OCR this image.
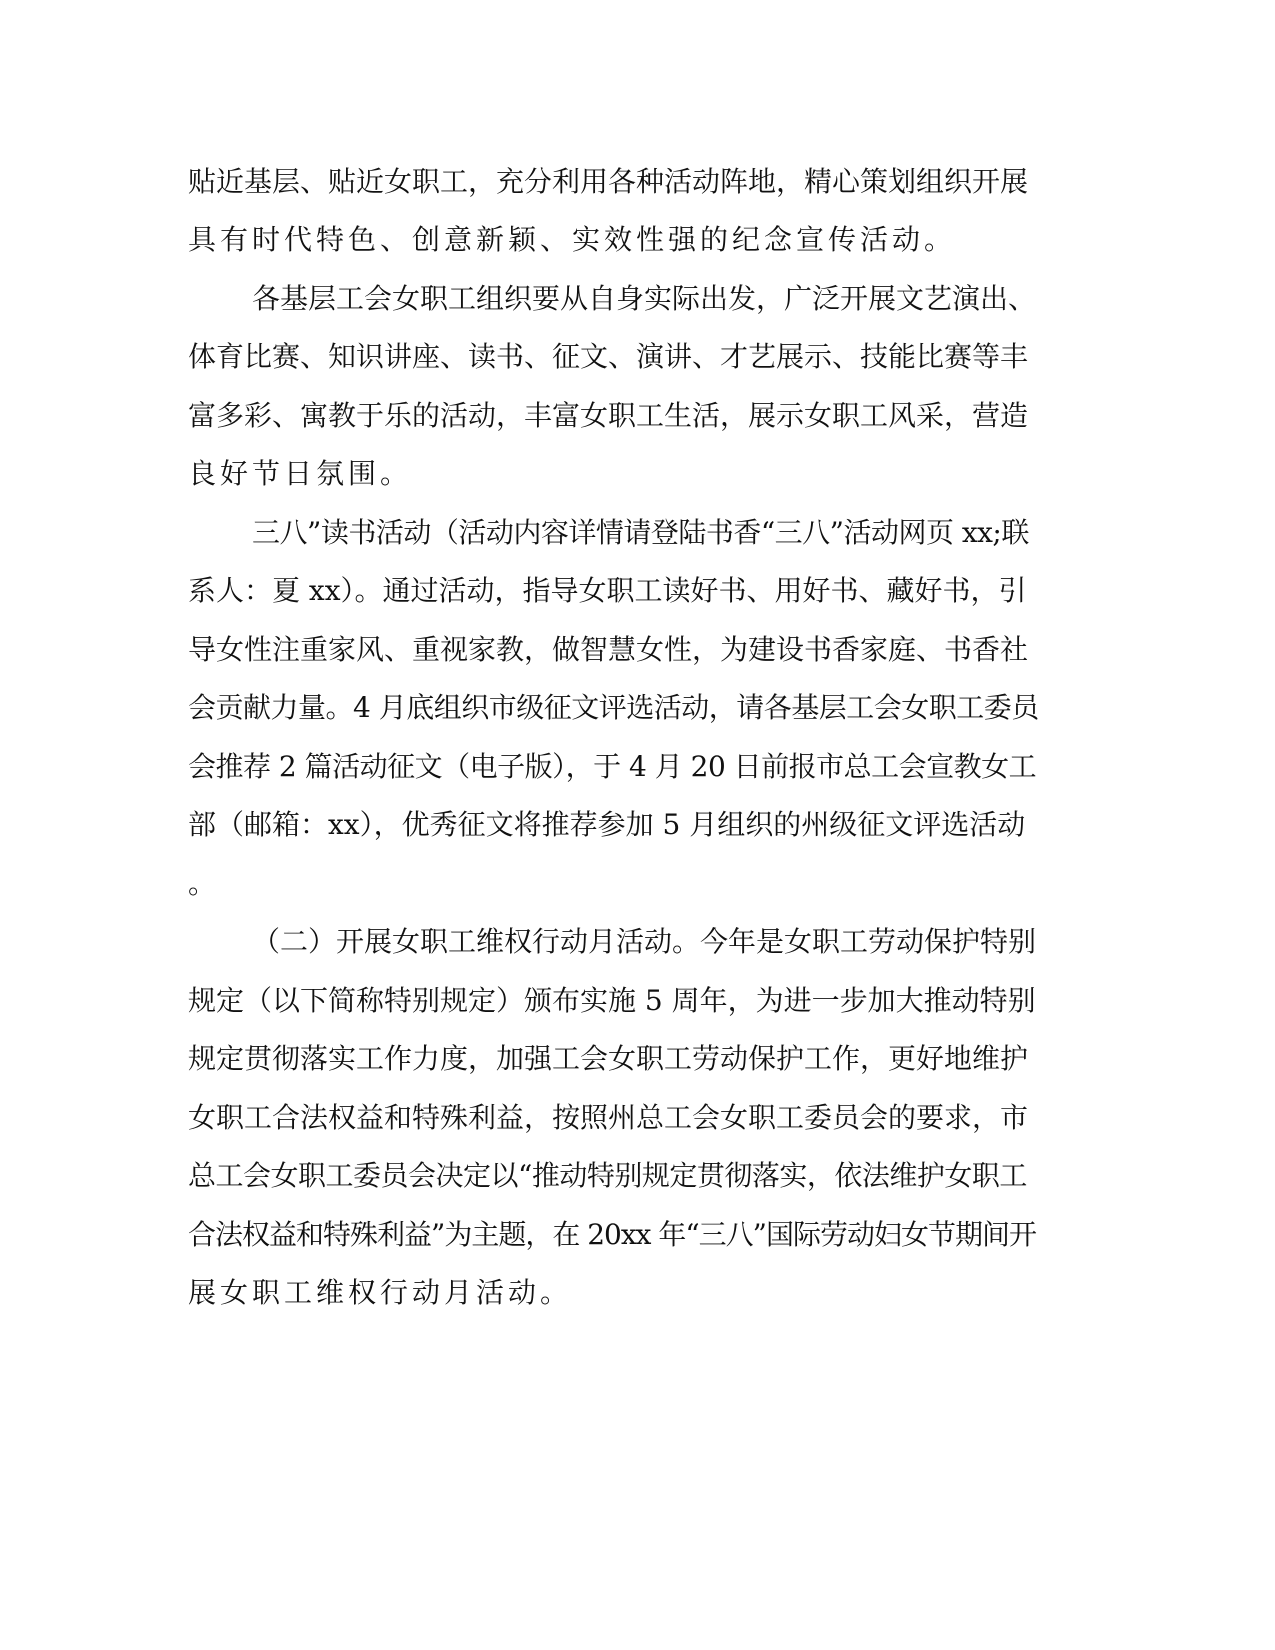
贴近基层、贴近女职工，充分利用各种活动阵地，精心策划组织开展
具有时代特色、创意新颖、实效性强的纪念宣传活动。
各基层工会女职工组织要从自身实际出发，广泛开展文艺演出、
体育比赛、知识讲座、读书、征文、演讲、才艺展示、技能比赛等丰
富多彩、寓教于乐的活动，丰富女职工生活，展示女职工风采，营造
良好节日氛围。
三八”读书活动（活动内容详情请登陆书香“三八”活动网页 xx;联
系人：夏 xx）。通过活动，指导女职工读好书、用好书、藏好书，引
导女性注重家风、重视家教，做智慧女性，为建设书香家庭、书香社
会贡献力量。4 月底组织市级征文评选活动，请各基层工会女职工委员
会推荐 2 篇活动征文（电子版），于 4 月 20 日前报市总工会宣教女工
部（邮箱：xx），优秀征文将推荐参加 5 月组织的州级征文评选活动
。
（二）开展女职工维权行动月活动。今年是女职工劳动保护特别
规定（以下简称特别规定）颁布实施 5 周年，为进一步加大推动特别
规定贯彻落实工作力度，加强工会女职工劳动保护工作，更好地维护
女职工合法权益和特殊利益，按照州总工会女职工委员会的要求，市
总工会女职工委员会决定以“推动特别规定贯彻落实，依法维护女职工
合法权益和特殊利益”为主题，在 20xx 年“三八”国际劳动妇女节期间开
展女职工维权行动月活动。
